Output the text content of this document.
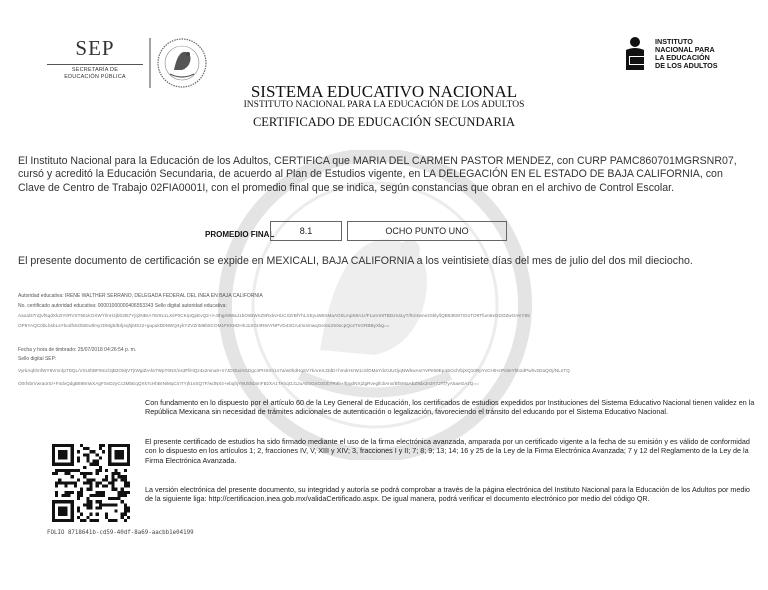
SEP
SECRETARÍA DE
EDUCACIÓN PÚBLICA
INSTITUTO
NACIONAL PARA
LA EDUCACIÓN
DE LOS ADULTOS
SISTEMA EDUCATIVO NACIONAL
INSTITUTO NACIONAL PARA LA EDUCACIÓN DE LOS ADULTOS
CERTIFICADO DE EDUCACIÓN SECUNDARIA
El Instituto Nacional para la Educación de los Adultos, CERTIFICA que MARIA DEL CARMEN PASTOR MENDEZ, con CURP PAMC860701MGRSNR07, cursó y acreditó la Educación Secundaria, de acuerdo al Plan de Estudios vigente, en LA DELEGACIÓN EN EL ESTADO DE BAJA CALIFORNIA, con Clave de Centro de Trabajo 02FIA0001I, con el promedio final que se indica, según constancias que obran en el archivo de Control Escolar.
PROMEDIO FINAL	8.1	OCHO PUNTO UNO
El presente documento de certificación se expide en MEXICALI, BAJA CALIFORNIA a los veintisiete días del mes de julio del dos mil dieciocho.
Autoridad educativa: IRENE WALTHER SERRANO, DELEGADA FEDERAL DEL INEA EN BAJA CALIFORNIA
No. certificado autoridad educativa: 00001000000406553343 Sello digital autoridad educativa:
Aaoal37nQvf5qdXk2tYt/RVST551kOXWYl/nH2jbb3t57YjIj2NBIA78z9x1LXsP0CKrpQpEvQ2+i+4thgrMWaJ1bOsBWnZ5RxbvHUCI/ZrBfYhLXEyuWEsMaAG0LmpS8A1r/FLwVn8TBDzn4LyT/htz4wne2Skly/lQB83EM7IGoTO9Tfum6xGDOZwOAKY55
OP6YAQC0bLbsbLsYbodfx5ObIEwtlmyzDMgb/BrljeqhjMSz2+gupukD0NWQ4ykYZVZnM6b5COM1FKKMzHhJ1SGt4R8AYNPVD43GA4mi4mwqGeSsi2S0ocpQozTnGRBByXkg==
Fecha y hora de timbrado: 25/07/2018 04:26:54 p. m.
Sello digital SEP:
VyrkAqhhnfWY9Vmr4p7DQL/VSUthBF9mz/3jB2OMjVTjtWgiZIAfaTWpT0NX/ns3FllHQz4x2nmu8+n7JDGtx/AGDgc4PHSrm1n7a/w0hdHqSV7kAreSJ3dD+hmdrHzW1cSlOMaYdc0JUOjqNWbwAnIYvPe59Ep4SOclVbjXQ10RpYvCHIHcPc9eYhb2dPwhv2DaQOj/NLnTQ
O0rfsbrVwraorS/+F4dvQdgB698rIwXAgFSvDzyCc3MbEqQXk7cHhBrNiMqCmTYjh1sSQ7F/wdNX4+ebqhjY9U5hDimFBzXA1TAhqOJ1JuAE0GnO3Ob7R4h+/fpgdNXjZgRvegllcbAnx/BfSMaAbZ9dx2n3Y7JTf7yA5aeGAzQ==
Con fundamento en lo dispuesto por el artículo 60 de la Ley General de Educación, los certificados de estudios expedidos por Instituciones del Sistema Educativo Nacional tienen validez en la República Mexicana sin necesidad de trámites adicionales de autenticación o legalización, favoreciendo el tránsito del educando por el Sistema Educativo Nacional.
El presente certificado de estudios ha sido firmado mediante el uso de la firma electrónica avanzada, amparada por un certificado vigente a la fecha de su emisión y es válido de conformidad con lo dispuesto en los artículos 1; 2, fracciones IV, V, XIII y XIV; 3, fracciones I y II; 7; 8; 9; 13; 14; 16 y 25 de la Ley de la Firma Electrónica Avanzada; 7 y 12 del Reglamento de la Ley de la Firma Electrónica Avanzada.
La versión electrónica del presente documento, su integridad y autoría se podrá comprobar a través de la página electrónica del Instituto Nacional para la Educación de los Adultos por medio de la siguiente liga: http://certificacion.inea.gob.mx/validaCertificado.aspx. De igual manera, podrá verificar el documento electrónico por medio del código QR.
FOLIO 8718641b-cd59-40df-8a69-aacbb1e04199
